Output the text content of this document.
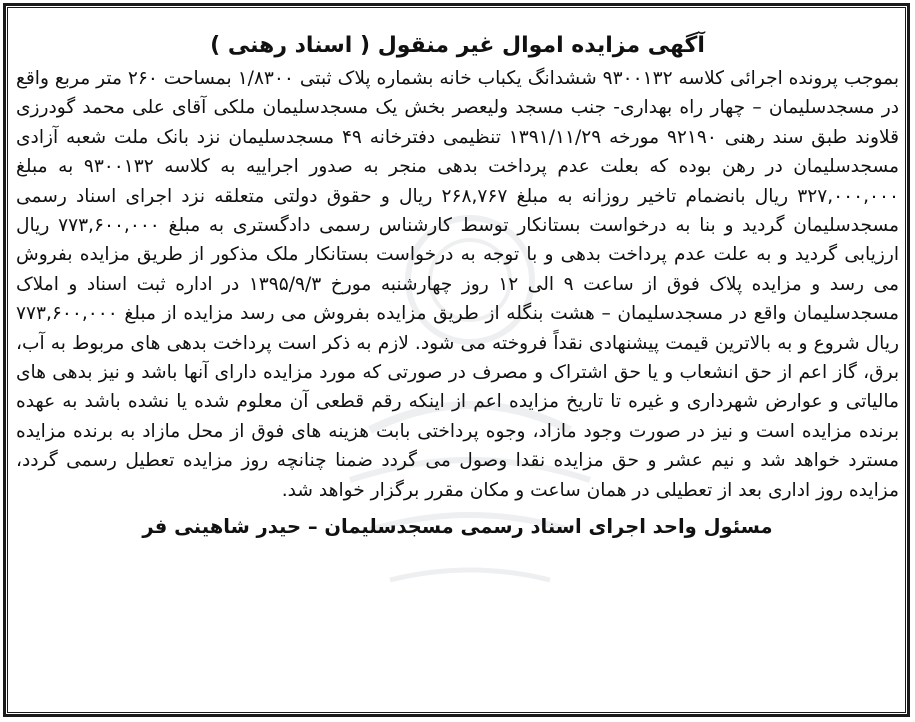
آگهی مزایده اموال غیر منقول ( اسناد رهنی )

بموجب پرونده اجرائی کلاسه ۹۳۰۰۱۳۲ ششدانگ یکباب خانه بشماره پلاک ثبتی ۱/۸۳۰۰ بمساحت ۲۶۰ متر مربع واقع در مسجدسلیمان – چهار راه بهداری- جنب مسجد ولیعصر بخش یک مسجدسلیمان ملکی آقای علی محمد گودرزی قلاوند طبق سند رهنی ۹۲۱۹۰ مورخه ۱۳۹۱/۱۱/۲۹ تنظیمی دفترخانه ۴۹ مسجدسلیمان نزد بانک ملت شعبه آزادی مسجدسلیمان در رهن بوده که بعلت عدم پرداخت بدهی منجر به صدور اجراییه به کلاسه ۹۳۰۰۱۳۲ به مبلغ ۳۲۷,۰۰۰,۰۰۰ ریال بانضمام تاخیر روزانه به مبلغ ۲۶۸,۷۶۷ ریال و حقوق دولتی متعلقه نزد اجرای اسناد رسمی مسجدسلیمان گردید و بنا به درخواست بستانکار توسط کارشناس رسمی دادگستری به مبلغ ۷۷۳,۶۰۰,۰۰۰ ریال ارزیابی گردید و به علت عدم پرداخت بدهی و با توجه به درخواست بستانکار ملک مذکور از طریق مزایده بفروش می رسد و مزایده پلاک فوق از ساعت ۹ الی ۱۲ روز چهارشنبه مورخ ۱۳۹۵/۹/۳ در اداره ثبت اسناد و املاک مسجدسلیمان واقع در مسجدسلیمان – هشت بنگله از طریق مزایده بفروش می رسد مزایده از مبلغ ۷۷۳,۶۰۰,۰۰۰ ریال شروع و به بالاترین قیمت پیشنهادی نقداً فروخته می شود. لازم به ذکر است پرداخت بدهی های مربوط به آب، برق، گاز اعم از حق انشعاب و یا حق اشتراک و مصرف در صورتی که مورد مزایده دارای آنها باشد و نیز بدهی های مالیاتی و عوارض شهرداری و غیره تا تاریخ مزایده اعم از اینکه رقم قطعی آن معلوم شده یا نشده باشد به عهده برنده مزایده است و نیز در صورت وجود مازاد، وجوه پرداختی بابت هزینه های فوق از محل مازاد به برنده مزایده مسترد خواهد شد و نیم عشر و حق مزایده نقدا وصول می گردد ضمنا چنانچه روز مزایده تعطیل رسمی گردد، مزایده روز اداری بعد از تعطیلی در همان ساعت و مکان مقرر برگزار خواهد شد.

مسئول واحد اجرای اسناد رسمی مسجدسلیمان – حیدر شاهینی فر
